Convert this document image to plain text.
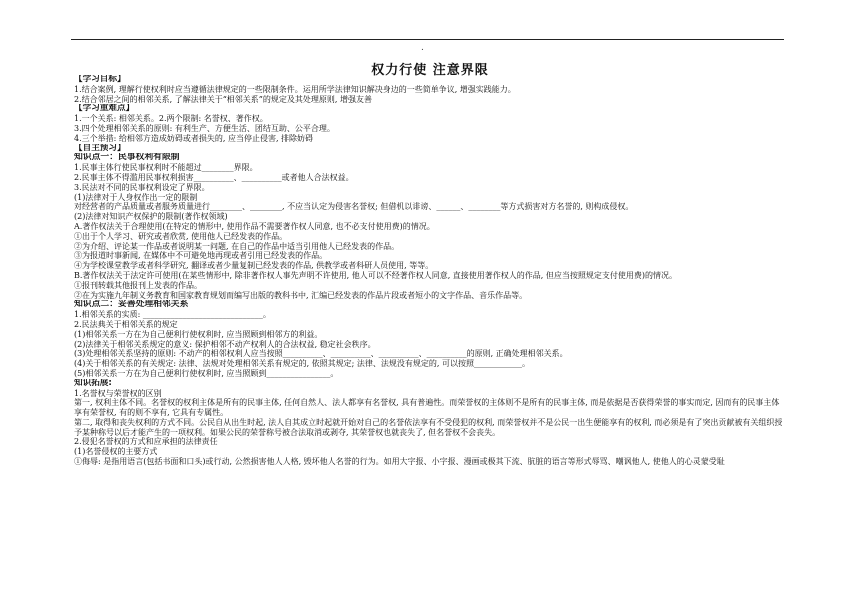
.
权力行使 注意界限
【学习目标】
1.结合案例, 理解行使权利时应当遵循法律规定的一些限制条件。运用所学法律知识解决身边的一些简单争议, 增强实践能力。
2.结合邻居之间的相邻关系, 了解法律关于“相邻关系”的规定及其处理原则, 增强友善
【学习重难点】
1.一个关系: 相邻关系。2.两个限制: 名誉权、著作权。
3.四个处理相邻关系的原则: 有利生产、方便生活、团结互助、公平合理。
4.三个举措: 给相邻方造成妨碍或者损失的, 应当停止侵害, 排除妨碍
【自主预习】
知识点一：民事权利有限制
1.民事主体行使民事权利时不能超过________界限。
2.民事主体不得滥用民事权利损害__________、__________或者他人合法权益。
3.民法对不同的民事权利设定了界限。
(1)法律对于人身权作出一定的限制
对经营者的产品质量或者服务质量进行________、________, 不应当认定为侵害名誉权; 但借机以诽谤、______、________等方式损害对方名誉的, 则构成侵权。
(2)法律对知识产权保护的限制(著作权领域)
A.著作权法关于合理使用(在特定的情形中, 使用作品不需要著作权人同意, 也不必支付使用费)的情况。
①出于个人学习、研究或者欣赏, 使用他人已经发表的作品。
②为介绍、评论某一作品或者说明某一问题, 在自己的作品中适当引用他人已经发表的作品。
③为报道时事新闻, 在媒体中不可避免地再现或者引用已经发表的作品。
④为学校课堂教学或者科学研究, 翻译或者少量复制已经发表的作品, 供教学或者科研人员使用, 等等。
B.著作权法关于法定许可使用(在某些情形中, 除非著作权人事先声明不许使用, 他人可以不经著作权人同意, 直接使用著作权人的作品, 但应当按照规定支付使用费)的情况。
①报刊转载其他报刊上发表的作品。
②在为实施九年制义务教育和国家教育规划而编写出版的教科书中, 汇编已经发表的作品片段或者短小的文字作品、音乐作品等。
知识点二：妥善处理相邻关系
1.相邻关系的实质: ______________________________。
2.民法典关于相邻关系的规定
(1)相邻关系一方在为自己便利行使权利时, 应当照顾到相邻方的利益。
(2)法律关于相邻关系规定的意义: 保护相邻不动产权利人的合法权益, 稳定社会秩序。
(3)处理相邻关系坚持的原则: 不动产的相邻权利人应当按照__________、__________、__________、__________的原则, 正确处理相邻关系。
(4)关于相邻关系的有关规定: 法律、法规对处理相邻关系有规定的, 依照其规定; 法律、法规没有规定的, 可以按照____________。
(5)相邻关系一方在为自己便利行使权利时, 应当照顾到________________。
知识拓展:
1.名誉权与荣誉权的区别
第一, 权利主体不同。名誉权的权利主体是所有的民事主体, 任何自然人、法人都享有名誉权, 具有普遍性。而荣誉权的主体则不是所有的民事主体, 而是依据是否获得荣誉的事实而定, 因而有的民事主体享有荣誉权, 有的则不享有, 它具有专属性。
第二, 取得和丧失权利的方式不同。公民自从出生时起, 法人自其成立时起就开始对自己的名誉依法享有不受侵犯的权利, 而荣誉权并不是公民一出生便能享有的权利, 而必须是有了突出贡献被有关组织授予某种称号以后才能产生的一项权利。如果公民的荣誉称号被合法取消或剥夺, 其荣誉权也就丧失了, 但名誉权不会丧失。
2.侵犯名誉权的方式和应承担的法律责任
(1)名誉侵权的主要方式
①侮辱: 是指用语言(包括书面和口头)或行动, 公然损害他人人格, 毁坏他人名誉的行为。如用大字报、小字报、漫画或极其下流、肮脏的语言等形式辱骂、嘲讽他人, 使他人的心灵蒙受耻
